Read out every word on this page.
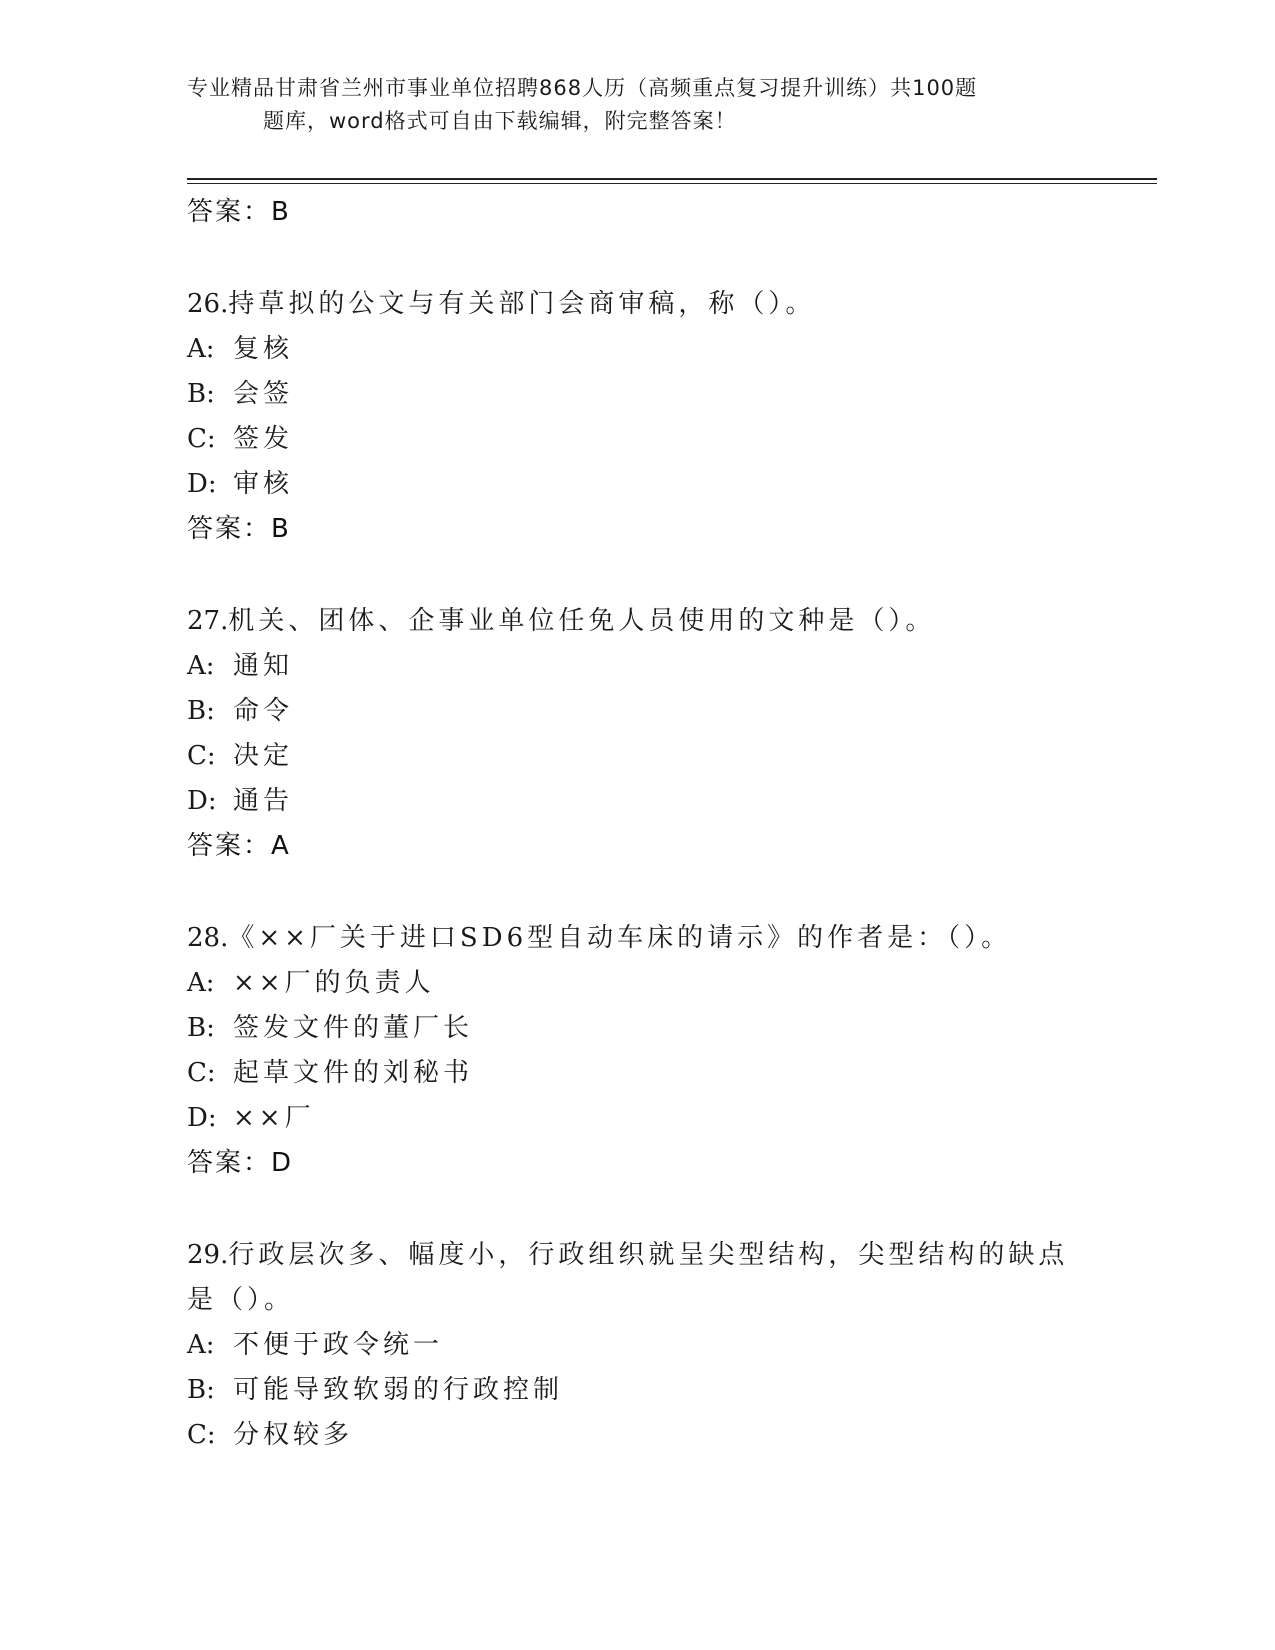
专业精品甘肃省兰州市事业单位招聘868人历（高频重点复习提升训练）共100题
题库，word格式可自由下载编辑，附完整答案！
答案：B
26.持草拟的公文与有关部门会商审稿，称（）。
A: 复核
B: 会签
C: 签发
D: 审核
答案：B
27.机关、团体、企事业单位任免人员使用的文种是（）。
A: 通知
B: 命令
C: 决定
D: 通告
答案：A
28.《××厂关于进口SD6型自动车床的请示》的作者是：（）。
A: ××厂的负责人
B: 签发文件的董厂长
C: 起草文件的刘秘书
D: ××厂
答案：D
29.行政层次多、幅度小，行政组织就呈尖型结构，尖型结构的缺点是（）。
A: 不便于政令统一
B: 可能导致软弱的行政控制
C: 分权较多
